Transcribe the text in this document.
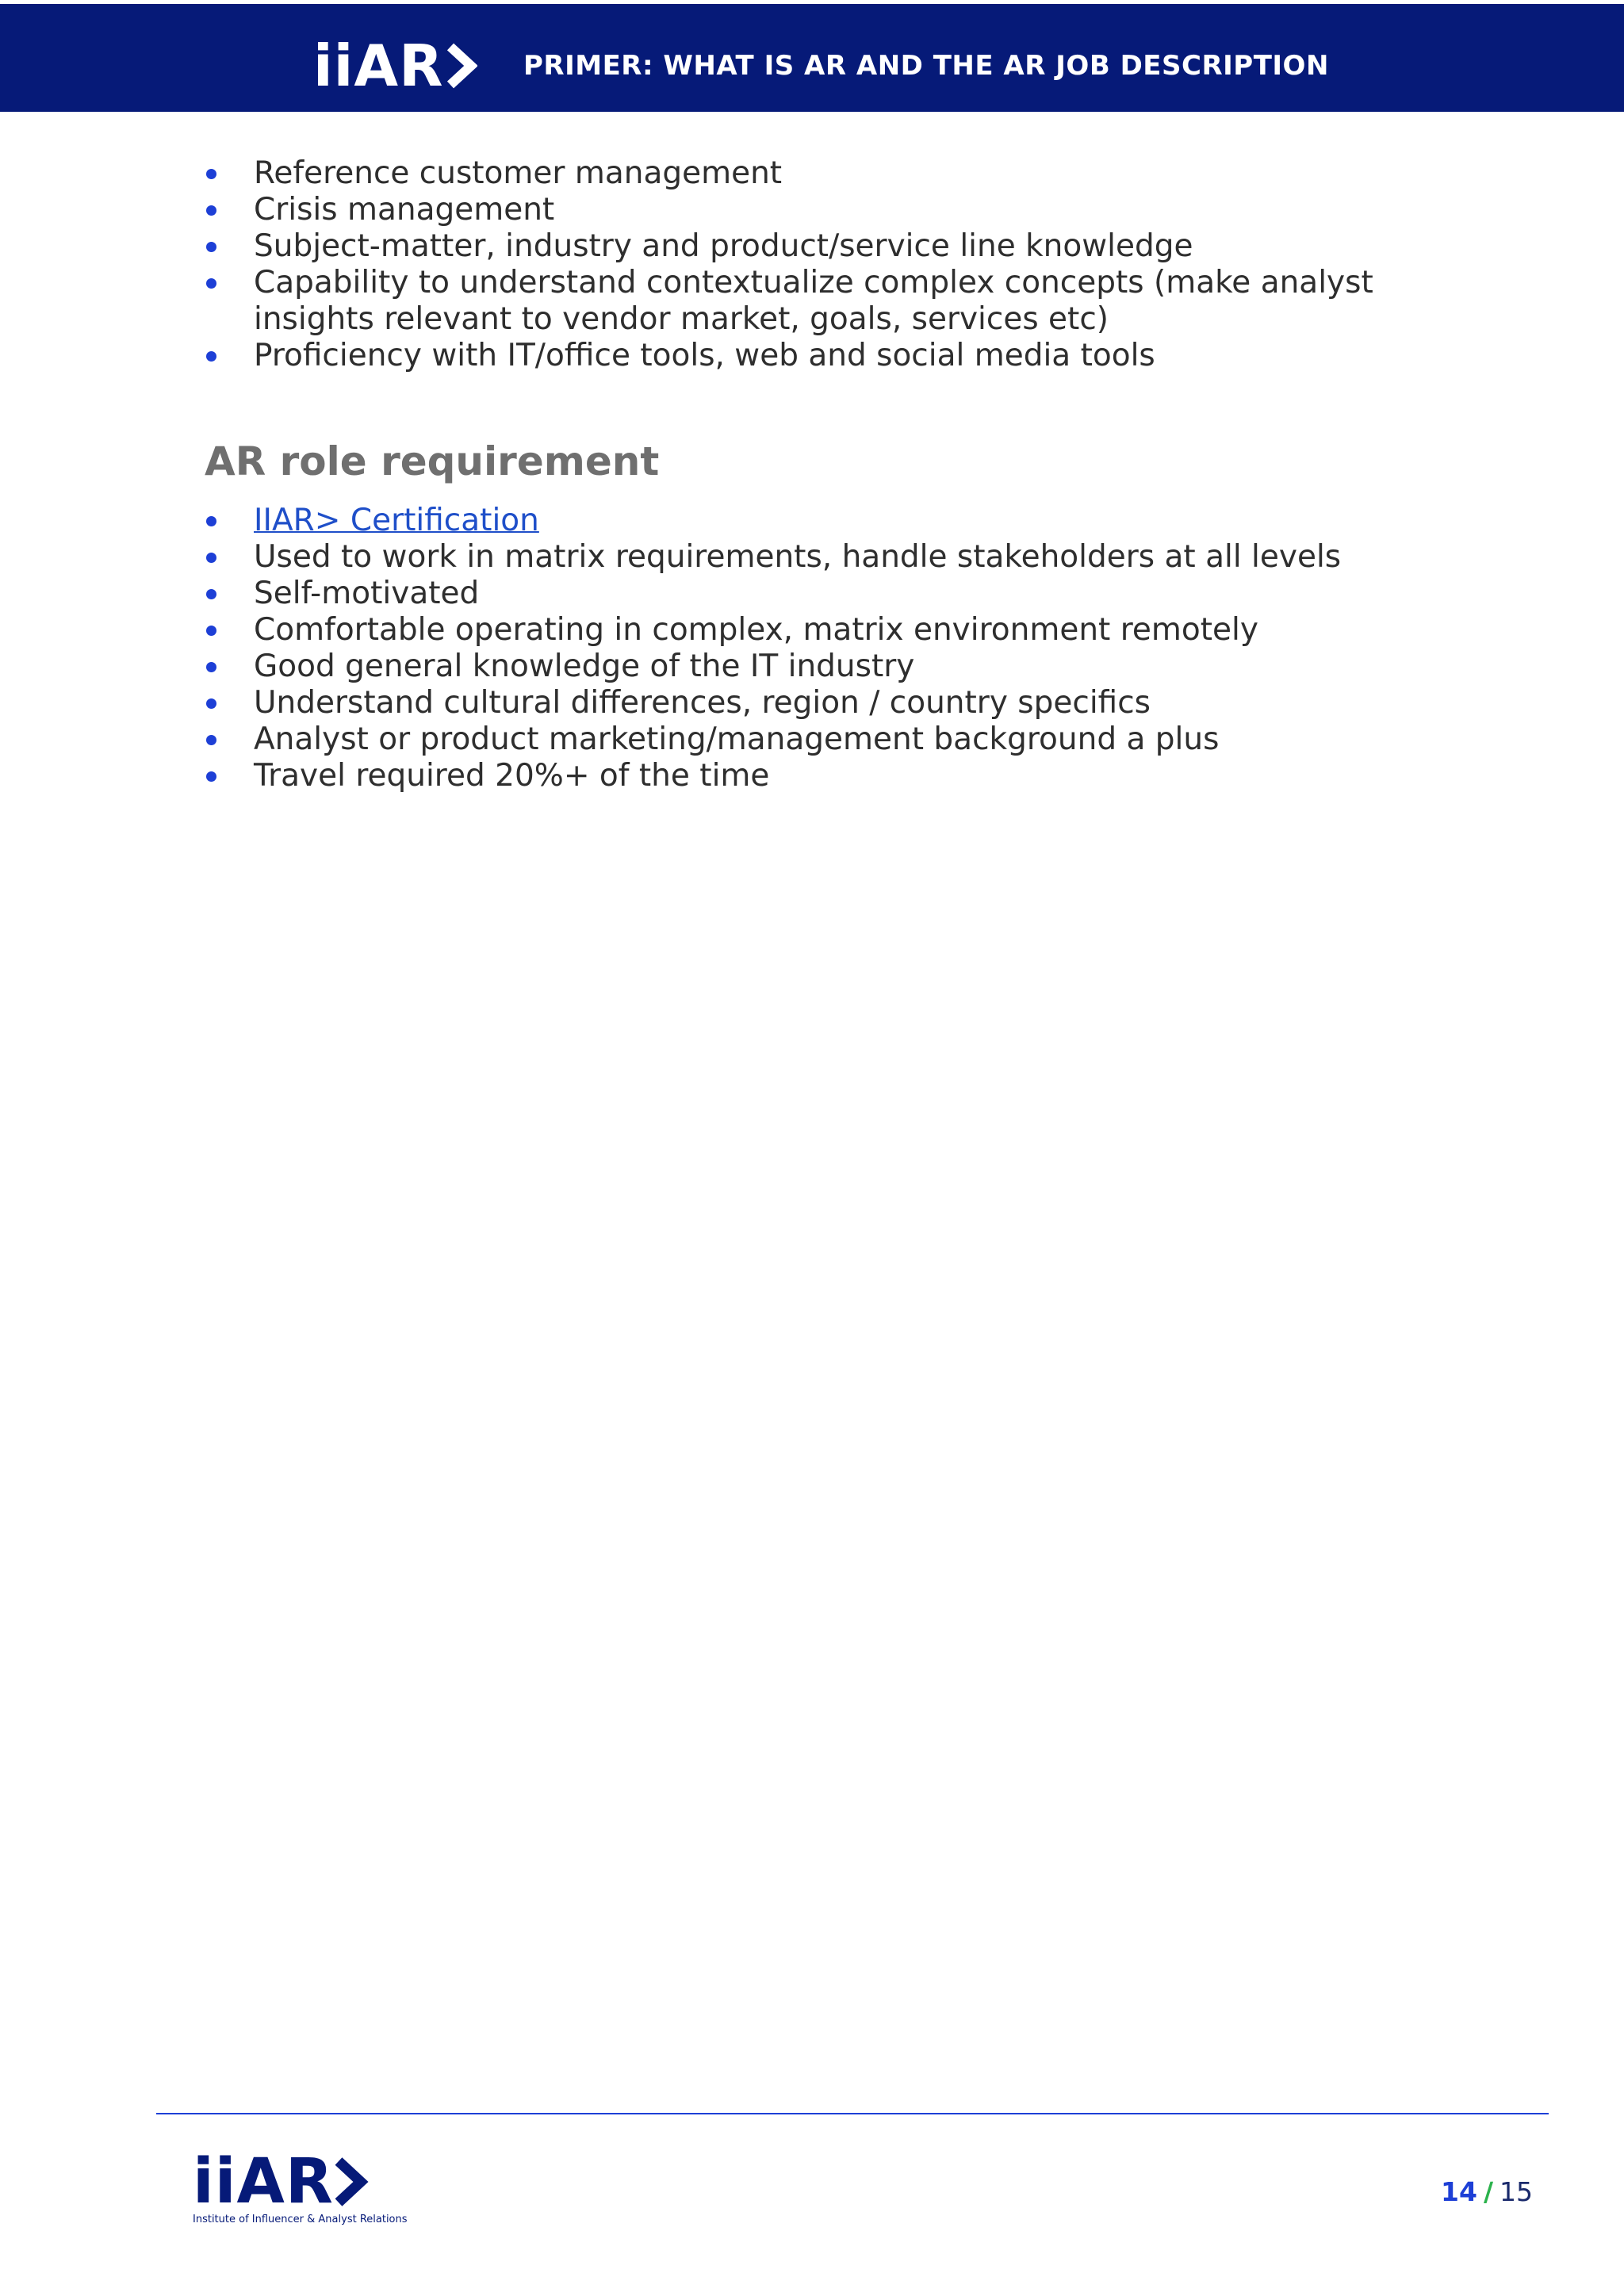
iiAR	PRIMER: WHAT IS AR AND THE AR JOB DESCRIPTION
Reference customer management
Crisis management
Subject-matter, industry and product/service line knowledge
Capability to understand contextualize complex concepts (make analyst insights relevant to vendor market, goals, services etc)
Proficiency with IT/office tools, web and social media tools
AR role requirement
IIAR> Certification
Used to work in matrix requirements, handle stakeholders at all levels
Self-motivated
Comfortable operating in complex, matrix environment remotely
Good general knowledge of the IT industry
Understand cultural differences, region / country specifics
Analyst or product marketing/management background a plus
Travel required 20%+ of the time
iiAR
Institute of Influencer & Analyst Relations
14 / 15
